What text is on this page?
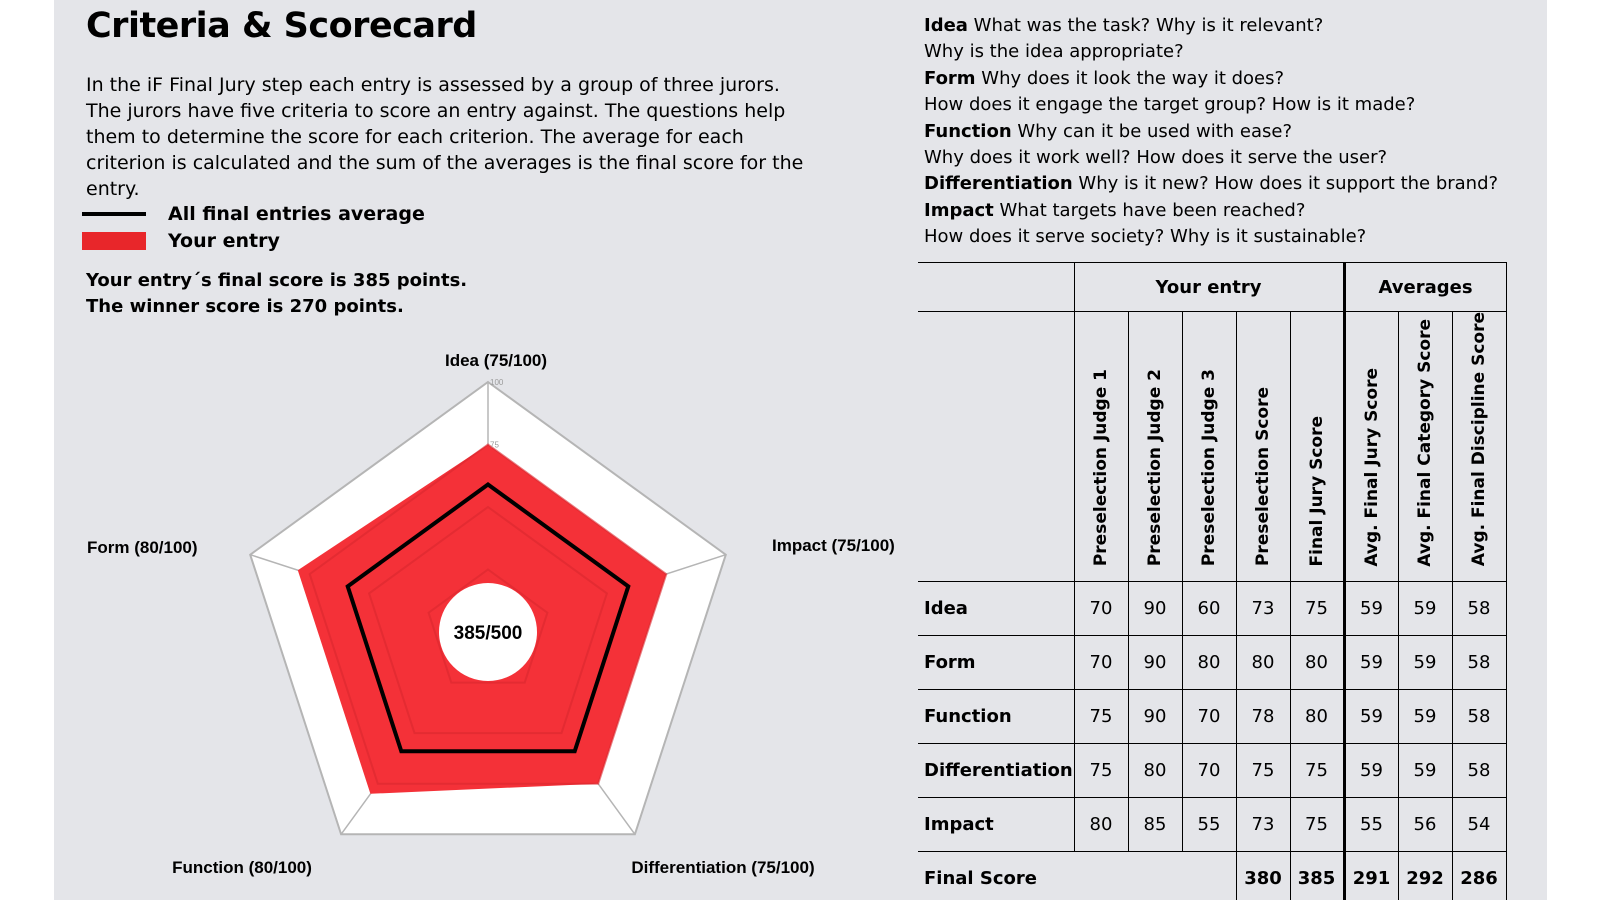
Criteria & Scorecard
In the iF Final Jury step each entry is assessed by a group of three jurors. The jurors have five criteria to score an entry against. The questions help them to determine the score for each criterion. The average for each criterion is calculated and the sum of the averages is the final score for the entry.
All final entries average
Your entry
Your entry´s final score is 385 points.
The winner score is 270 points.
Idea What was the task? Why is it relevant?
Why is the idea appropriate?
Form Why does it look the way it does?
How does it engage the target group? How is it made?
Function Why can it be used with ease?
Why does it work well? How does it serve the user?
Differentiation Why is it new? How does it support the brand?
Impact What targets have been reached?
How does it serve society? Why is it sustainable?
75
100
385/500
Idea (75/100)
Impact (75/100)
Differentiation (75/100)
Function (80/100)
Form (80/100)
	Your entry					Averages		
	Preselection Judge 1	Preselection Judge 2	Preselection Judge 3	Preselection Score	Final Jury Score	Avg. Final Jury Score	Avg. Final Category Score	Avg. Final Discipline Score
Idea	70	90	60	73	75	59	59	58
Form	70	90	80	80	80	59	59	58
Function	75	90	70	78	80	59	59	58
Differentiation	75	80	70	75	75	59	59	58
Impact	80	85	55	73	75	55	56	54
Final Score				380	385	291	292	286
